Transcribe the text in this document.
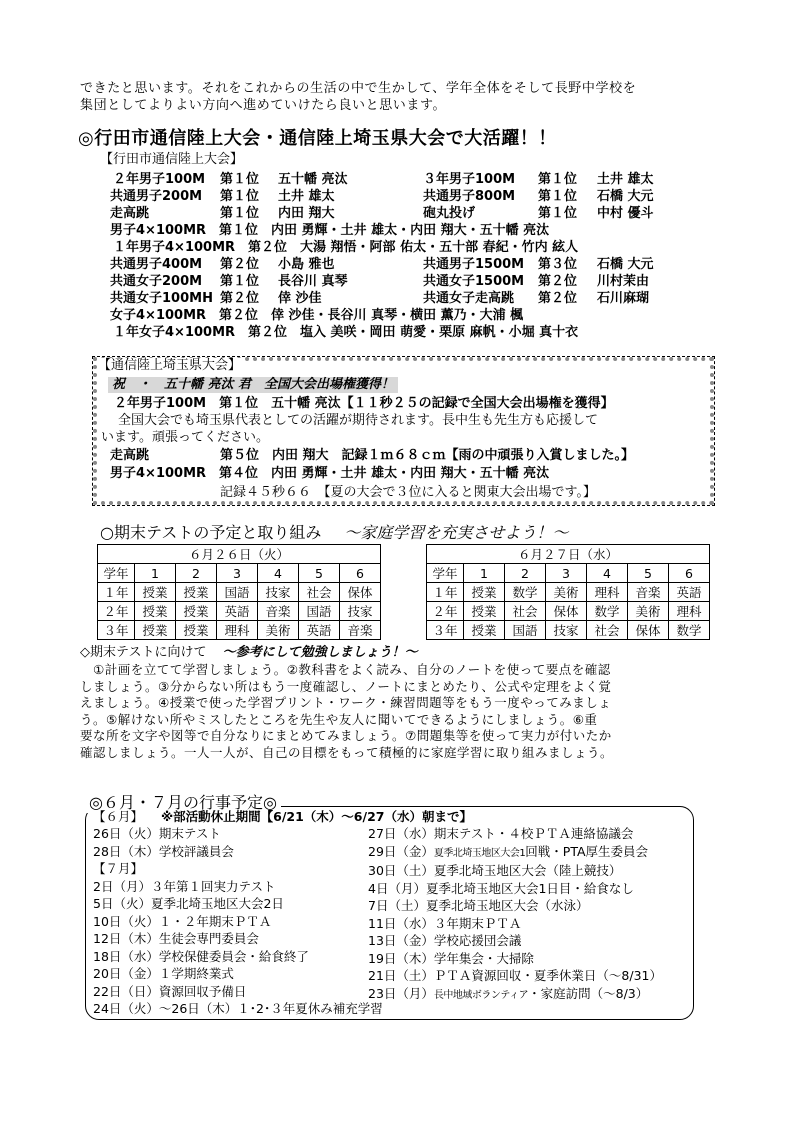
できたと思います。それをこれからの生活の中で生かして、学年全体をそして長野中学校を

集団としてよりよい方向へ進めていけたら良いと思います。

◎行田市通信陸上大会・通信陸上埼玉県大会で大活躍！！
【行田市通信陸上大会】
２年男子100M 第１位 五十幡 亮汰	３年男子100M 第１位 土井 雄太
共通男子200M 第１位 土井 雄太	共通男子800M 第１位 石橋 大元
走高跳	第１位 内田 翔大	砲丸投げ	第１位 中村 優斗
男子4×100MR　第１位　内田 勇輝・土井 雄太・内田 翔大・五十幡 亮汰
１年男子4×100MR　第２位　大湯 翔悟・阿部 佑太・五十部 春紀・竹内 絃人
共通男子400M 第２位 小島 雅也	共通男子1500M 第３位 石橋 大元
共通女子200M 第１位 長谷川 真琴	共通女子1500M 第２位 川村茉由
共通女子100MH 第２位 倖 沙佳	共通女子走高跳 第２位 石川麻瑚
女子4×100MR　第２位　倖 沙佳・長谷川 真琴・横田 薫乃・大浦 楓
１年女子4×100MR　第２位　塩入 美咲・岡田 萌愛・栗原 麻帆・小堀 真十衣
【通信陸上埼玉県大会】
祝　・　五十幡 亮汰 君　全国大会出場権獲得！
２年男子100M　第１位　五十幡 亮汰【１１秒２５の記録で全国大会出場権を獲得】
全国大会でも埼玉県代表としての活躍が期待されます。長中生も先生方も応援して
います。頑張ってください。
走高跳	第５位　内田 翔大　記録１ｍ６８ｃｍ【雨の中頑張り入賞しました。】
男子4×100MR　第４位　内田 勇輝・土井 雄太・内田 翔大・五十幡 亮汰
記録４５秒６６　【夏の大会で３位に入ると関東大会出場です。】
○期末テストの予定と取り組み ～家庭学習を充実させよう！～
６月２６日（火）						
学年	1	2	3	4	5	6
１年	授業	授業	国語	技家	社会	保体
２年	授業	授業	英語	音楽	国語	技家
３年	授業	授業	理科	美術	英語	音楽
６月２７日（水）						
学年	1	2	3	4	5	6
１年	授業	数学	美術	理科	音楽	英語
２年	授業	社会	保体	数学	美術	理科
３年	授業	国語	技家	社会	保体	数学
◇期末テストに向けて ～参考にして勉強しましょう！～

　①計画を立てて学習しましょう。②教科書をよく読み、自分のノートを使って要点を確認

しましょう。③分からない所はもう一度確認し、ノートにまとめたり、公式や定理をよく覚

えましょう。④授業で使った学習プリント・ワーク・練習問題等をもう一度やってみましょ

う。⑤解けない所やミスしたところを先生や友人に聞いてできるようにしましょう。⑥重

要な所を文字や図等で自分なりにまとめてみましょう。⑦問題集等を使って実力が付いたか

確認しましょう。一人一人が、自己の目標をもって積極的に家庭学習に取り組みましょう。

◎６月・７月の行事予定◎
【６月】 ※部活動休止期間【6/21（木）～6/27（水）朝まで】
26日（火）期末テスト
28日（木）学校評議員会
【７月】
2日（月）３年第１回実力テスト
5日（火）夏季北埼玉地区大会2日
10日（火）１・２年期末ＰＴＡ
12日（木）生徒会専門委員会
18日（水）学校保健委員会・給食終了
20日（金）１学期終業式
22日（日）資源回収予備日
27日（水）期末テスト・４校ＰＴＡ連絡協議会
29日（金）夏季北埼玉地区大会1回戦・PTA厚生委員会
30日（土）夏季北埼玉地区大会（陸上競技）
4日（月）夏季北埼玉地区大会1日目・給食なし
7日（土）夏季北埼玉地区大会（水泳）
11日（水）３年期末ＰＴＡ
13日（金）学校応援団会議
19日（木）学年集会・大掃除
21日（土）ＰＴＡ資源回収・夏季休業日（～8/31）
23日（月）長中地域ボランティア・家庭訪問（～8/3）
24日（火）～26日（木）１･2･３年夏休み補充学習
